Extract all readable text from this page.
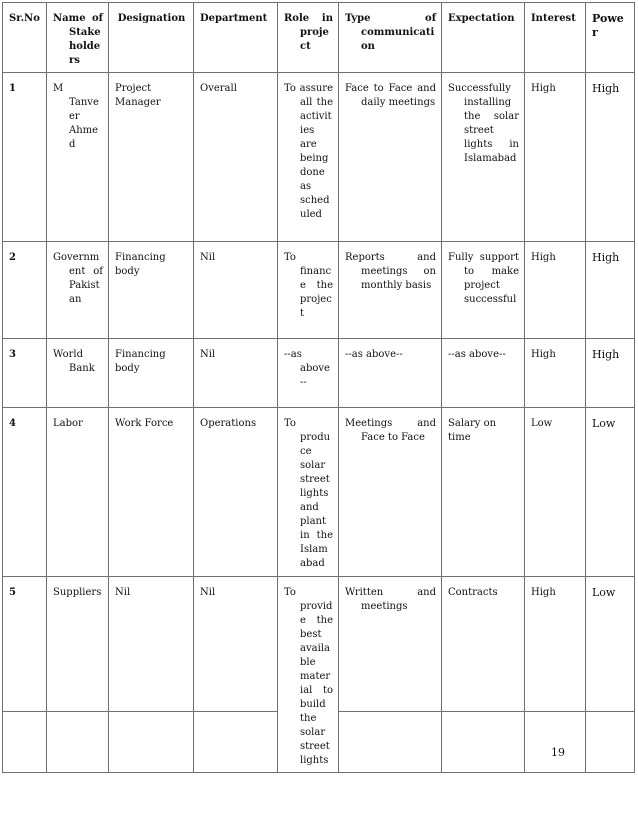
Sr.No	Name of Stakeholders	Designation	Department	Role in project	Type of communication	Expectation	Interest	Power
1	M Tanveer Ahmed	Project Manager	Overall	To assure all the activities are being done as scheduled	Face to Face and daily meetings	Successfully installing the solar street lights in Islamabad	High	High
2	Government of Pakistan	Financing body	Nil	To finance the project	Reports and meetings on monthly basis	Fully support to make project successful	High	High
3	World Bank	Financing body	Nil	--as above--	--as above--	--as above--	High	High
4	Labor	Work Force	Operations	To produce solar street lights and plant in the Islamabad	Meetings and Face to Face	Salary on time	Low	Low
5	Suppliers	Nil	Nil	To provide the best available material to build the solar street lights	Written and meetings	Contracts	High	Low

19
